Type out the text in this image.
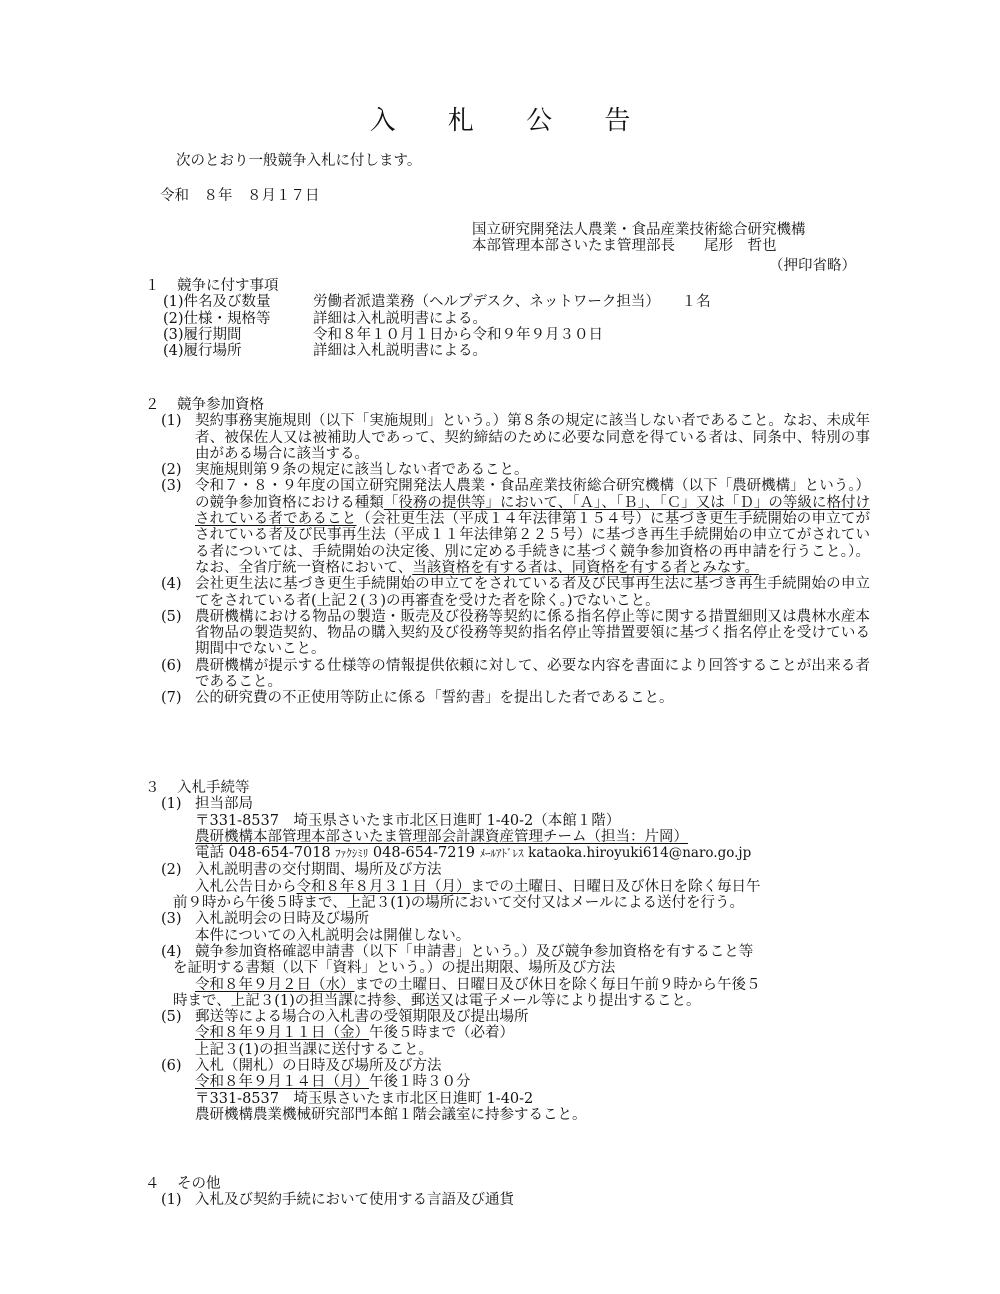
入 札 公 告
次のとおり一般競争入札に付します。
令和　８年　８月１７日
国立研究開発法人農業・食品産業技術総合研究機構
本部管理本部さいたま管理部長　　尾形　哲也
（押印省略）
１ 競争に付す事項
(1)件名及び数量	労働者派遣業務（ヘルプデスク、ネットワーク担当）　　１名
(2)仕様・規格等	詳細は入札説明書による。
(3)履行期間	令和８年１０月１日から令和９年９月３０日
(4)履行場所	詳細は入札説明書による。
２ 競争参加資格
(1) 契約事務実施規則（以下「実施規則」という。）第８条の規定に該当しない者であること。なお、未成年者、被保佐人又は被補助人であって、契約締結のために必要な同意を得ている者は、同条中、特別の事由がある場合に該当する。
(2) 実施規則第９条の規定に該当しない者であること。
(3) 令和７・８・９年度の国立研究開発法人農業・食品産業技術総合研究機構（以下「農研機構」という。）の競争参加資格における種類「役務の提供等」において、「Ａ」、「Ｂ」、「Ｃ」又は「Ｄ」の等級に格付けされている者であること（会社更生法（平成１４年法律第１５４号）に基づき更生手続開始の申立てがされている者及び民事再生法（平成１１年法律第２２５号）に基づき再生手続開始の申立てがされている者については、手続開始の決定後、別に定める手続きに基づく競争参加資格の再申請を行うこと。）。なお、全省庁統一資格において、当該資格を有する者は、同資格を有する者とみなす。
(4) 会社更生法に基づき更生手続開始の申立てをされている者及び民事再生法に基づき再生手続開始の申立てをされている者(上記２(３)の再審査を受けた者を除く。)でないこと。
(5) 農研機構における物品の製造・販売及び役務等契約に係る指名停止等に関する措置細則又は農林水産本省物品の製造契約、物品の購入契約及び役務等契約指名停止等措置要領に基づく指名停止を受けている期間中でないこと。
(6) 農研機構が提示する仕様等の情報提供依頼に対して、必要な内容を書面により回答することが出来る者であること。
(7) 公的研究費の不正使用等防止に係る「誓約書」を提出した者であること。
３ 入札手続等
(1) 担当部局
〒331-8537　埼玉県さいたま市北区日進町 1-40-2（本館１階）
農研機構本部管理本部さいたま管理部会計課資産管理チーム（担当：片岡）
電話 048-654-7018 ﾌｧｸｼﾐﾘ 048-654-7219 ﾒｰﾙｱﾄﾞﾚｽ kataoka.hiroyuki614@naro.go.jp
(2) 入札説明書の交付期間、場所及び方法
入札公告日から令和８年８月３１日（月）までの土曜日、日曜日及び休日を除く毎日午
前９時から午後５時まで、上記３(1)の場所において交付又はメールによる送付を行う。
(3) 入札説明会の日時及び場所
本件についての入札説明会は開催しない。
(4) 競争参加資格確認申請書（以下「申請書」という。）及び競争参加資格を有すること等
を証明する書類（以下「資料」という。）の提出期限、場所及び方法
令和８年９月２日（水）までの土曜日、日曜日及び休日を除く毎日午前９時から午後５
時まで、上記３(1)の担当課に持参、郵送又は電子メール等により提出すること。
(5) 郵送等による場合の入札書の受領期限及び提出場所
令和８年９月１１日（金）午後５時まで（必着）
上記３(1)の担当課に送付すること。
(6) 入札（開札）の日時及び場所及び方法
令和８年９月１４日（月）午後１時３０分
〒331-8537　埼玉県さいたま市北区日進町 1-40-2
農研機構農業機械研究部門本館１階会議室に持参すること。
４ その他
(1) 入札及び契約手続において使用する言語及び通貨
